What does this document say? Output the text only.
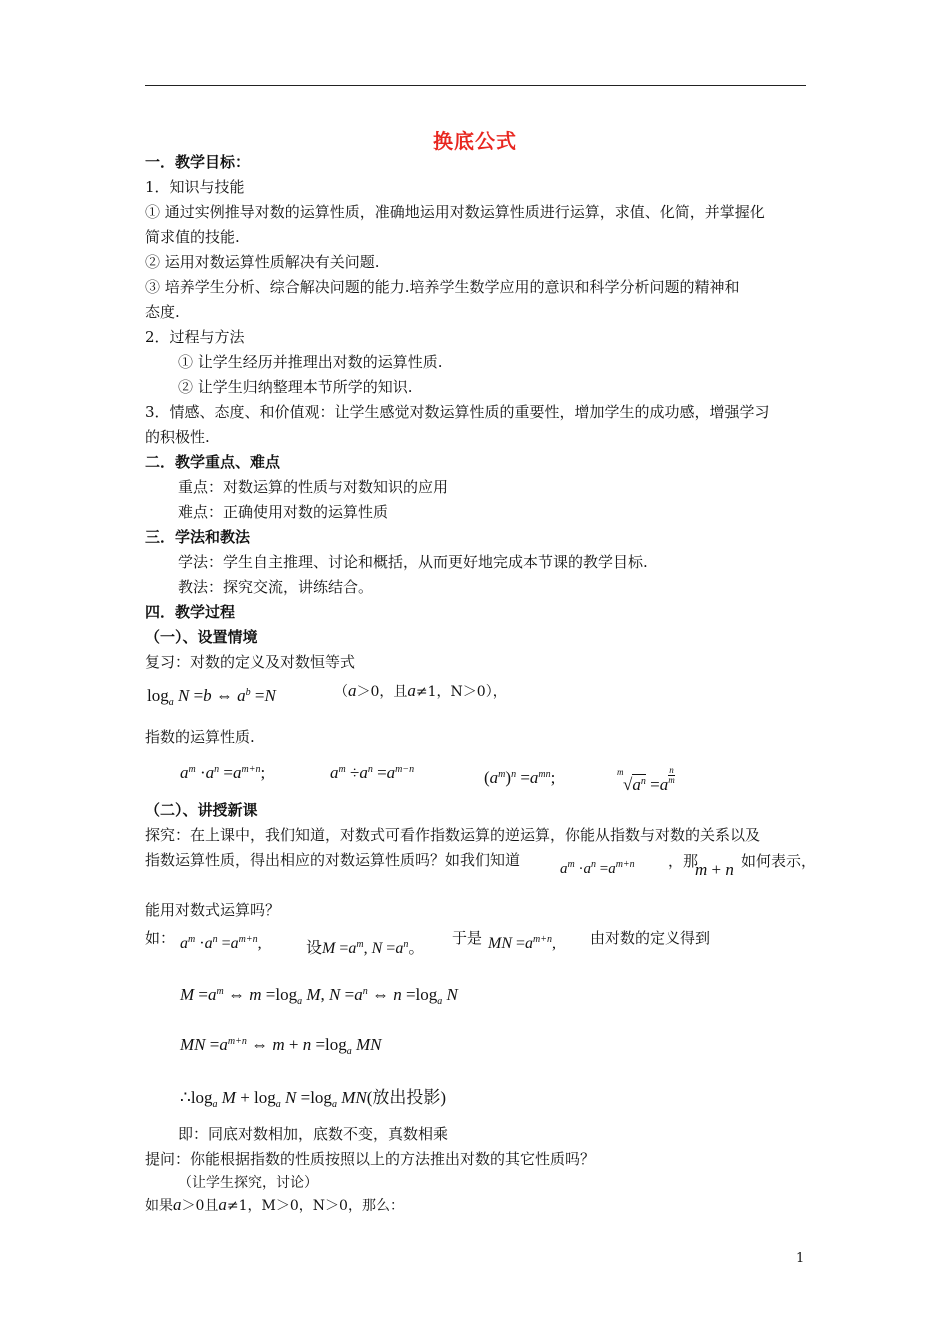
换底公式
一．教学目标：
1．知识与技能
① 通过实例推导对数的运算性质，准确地运用对数运算性质进行运算，求值、化简，并掌握化
简求值的技能.
② 运用对数运算性质解决有关问题.
③ 培养学生分析、综合解决问题的能力.培养学生数学应用的意识和科学分析问题的精神和
态度.
2．过程与方法
① 让学生经历并推理出对数的运算性质.
② 让学生归纳整理本节所学的知识.
3．情感、态度、和价值观：让学生感觉对数运算性质的重要性，增加学生的成功感，增强学习
的积极性.
二．教学重点、难点
重点：对数运算的性质与对数知识的应用
难点：正确使用对数的运算性质
三．学法和教法
学法：学生自主推理、讨论和概括，从而更好地完成本节课的教学目标.
教法：探究交流，讲练结合。
四．教学过程
（一）、设置情境
复习：对数的定义及对数恒等式
$\log_a N =b$ ⇔ $a^b =N$	（a＞0，且a≠1，N＞0），
指数的运算性质.
$a^m \cdot a^n =a^{m+n}$;	$a^m \div a^n =a^{m-n}$	$(a^m)^n =a^{mn}$;	m
$√a^n =a \frac{n}{m}$
（二）、讲授新课
探究：在上课中，我们知道，对数式可看作指数运算的逆运算，你能从指数与对数的关系以及
指数运算性质，得出相应的对数运算性质吗？如我们知道	$a^m \cdot a^n =a^{m+n}$ ，那
m + n 如何表示，
能用对数式运算吗？
如： $a^m \cdot a^n =a^{m+n}$,	设$M =a^m$, $N =a^n$。
于是 MN $=a^{m+n}$, 由对数的定义得到
$M =a^m$ ⇔ $m =\log_a$ M, $N =a^n$ ⇔ $n =\log_a$ N
MN $=a^{m+n}$ ⇔ $m + n =\log_a$ MN
$\therefore\log_a$ $M + \log_a N =\log_a$ MN(放出投影)
即：同底对数相加，底数不变，真数相乘
提问：你能根据指数的性质按照以上的方法推出对数的其它性质吗？
（让学生探究，讨论）
如果a＞0且a≠1，M＞0，N＞0，那么：
1
